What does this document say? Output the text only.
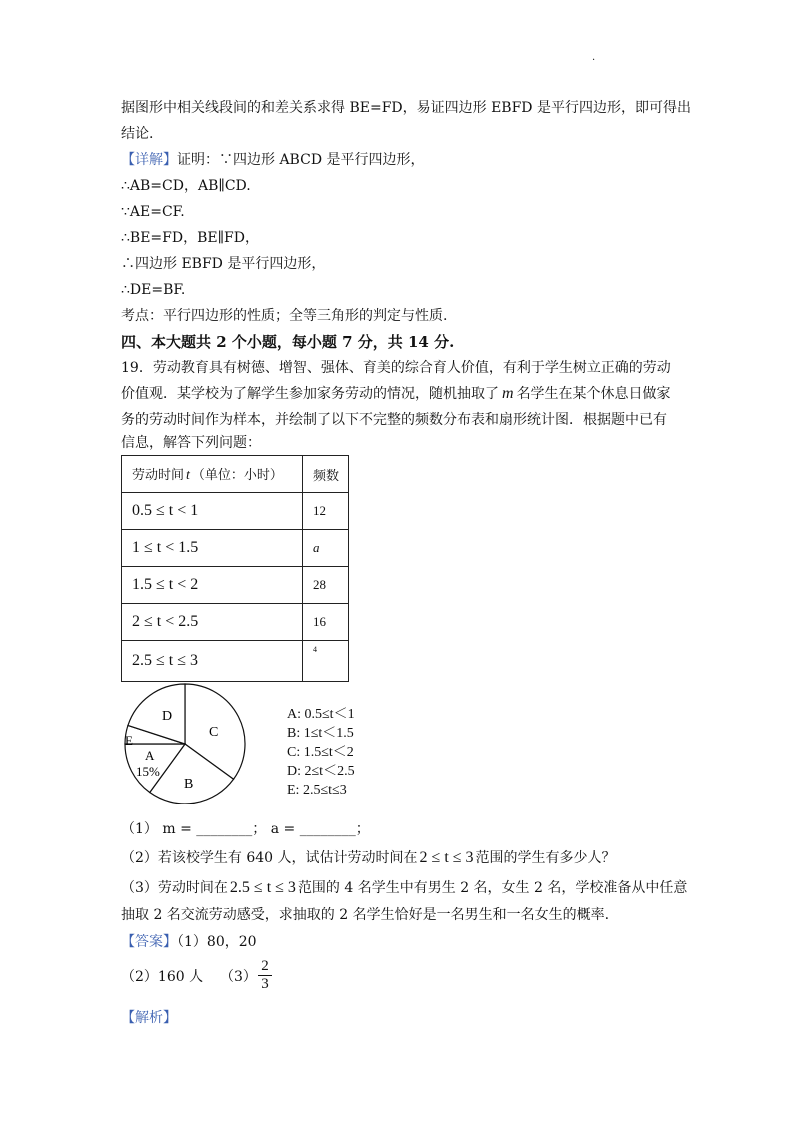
.
据图形中相关线段间的和差关系求得 BE=FD，易证四边形 EBFD 是平行四边形，即可得出
结论.
【详解】证明：∵四边形 ABCD 是平行四边形，
∴AB=CD，AB∥CD.
∵AE=CF.
∴BE=FD，BE∥FD，
∴四边形 EBFD 是平行四边形，
∴DE=BF.
考点：平行四边形的性质；全等三角形的判定与性质.
四、本大题共 2 个小题，每小题 7 分，共 14 分.
19．劳动教育具有树德、增智、强体、育美的综合育人价值，有利于学生树立正确的劳动
价值观．某学校为了解学生参加家务劳动的情况，随机抽取了 m 名学生在某个休息日做家
务的劳动时间作为样本，并绘制了以下不完整的频数分布表和扇形统计图．根据题中已有
信息，解答下列问题：
劳动时间 t （单位：小时）	频数
0.5 ≤ t < 1	12
1 ≤ t < 1.5	a
1.5 ≤ t < 2	28
2 ≤ t < 2.5	16
2.5 ≤ t ≤ 3	4
D
C
E
A
15%
B
A: 0.5≤t＜1
B: 1≤t＜1.5
C: 1.5≤t＜2
D: 2≤t＜2.5
E: 2.5≤t≤3
（1） m = ________； a = ________；
（2）若该校学生有 640 人，试估计劳动时间在 2 ≤ t ≤ 3 范围的学生有多少人？
（3）劳动时间在 2.5 ≤ t ≤ 3 范围的 4 名学生中有男生 2 名，女生 2 名，学校准备从中任意
抽取 2 名交流劳动感受，求抽取的 2 名学生恰好是一名男生和一名女生的概率.
【答案】（1）80，20
（2）160 人 $(3) \frac{2}{3}$
【解析】
